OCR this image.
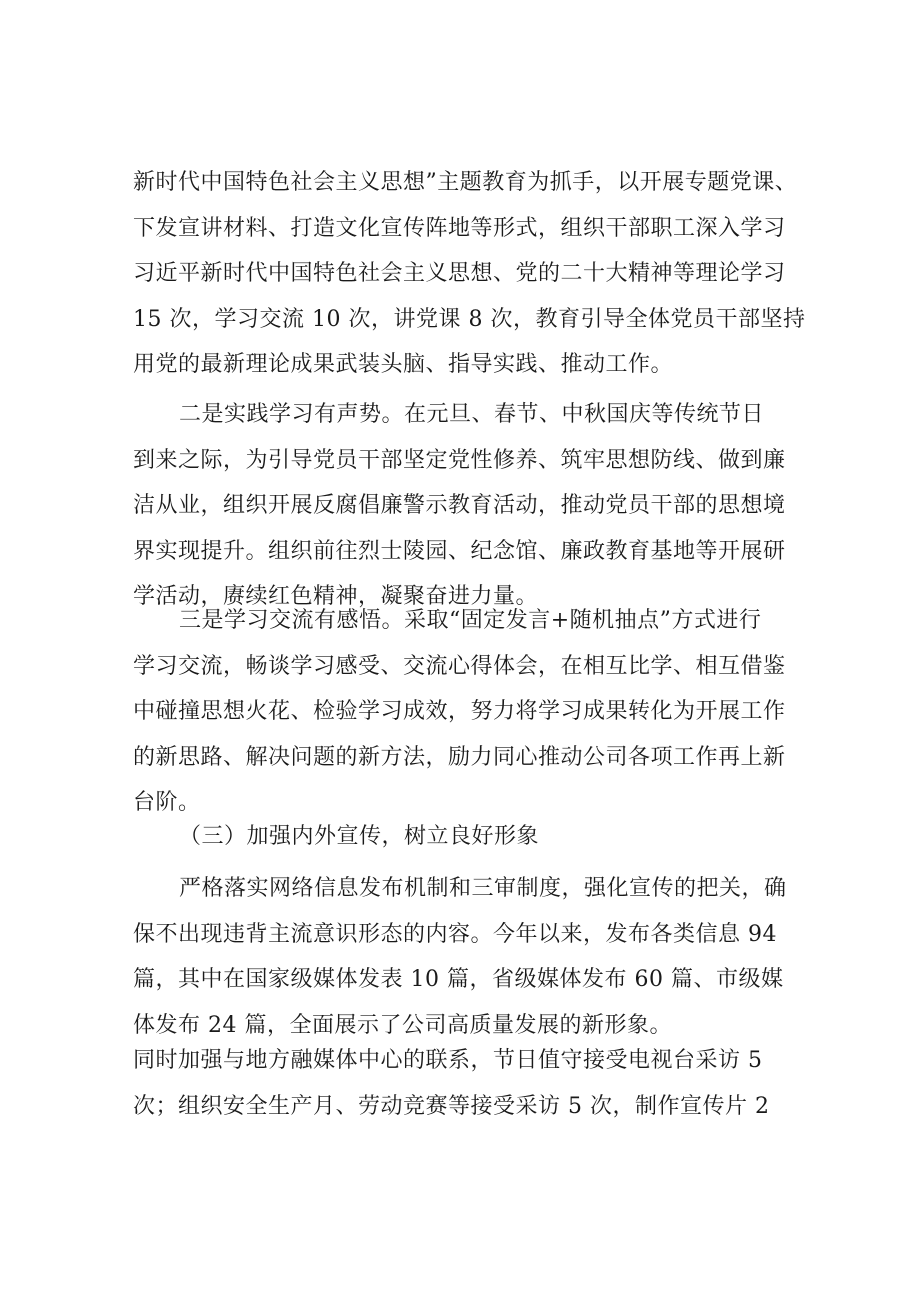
新时代中国特色社会主义思想”主题教育为抓手，以开展专题党课、
下发宣讲材料、打造文化宣传阵地等形式，组织干部职工深入学习
习近平新时代中国特色社会主义思想、党的二十大精神等理论学习
15 次，学习交流 10 次，讲党课 8 次，教育引导全体党员干部坚持
用党的最新理论成果武装头脑、指导实践、推动工作。
二是实践学习有声势。在元旦、春节、中秋国庆等传统节日
到来之际，为引导党员干部坚定党性修养、筑牢思想防线、做到廉
洁从业，组织开展反腐倡廉警示教育活动，推动党员干部的思想境
界实现提升。组织前往烈士陵园、纪念馆、廉政教育基地等开展研
学活动，赓续红色精神，凝聚奋进力量。
三是学习交流有感悟。采取“固定发言+随机抽点”方式进行
学习交流，畅谈学习感受、交流心得体会，在相互比学、相互借鉴
中碰撞思想火花、检验学习成效，努力将学习成果转化为开展工作
的新思路、解决问题的新方法，励力同心推动公司各项工作再上新
台阶。
（三）加强内外宣传，树立良好形象
严格落实网络信息发布机制和三审制度，强化宣传的把关，确
保不出现违背主流意识形态的内容。今年以来，发布各类信息 94
篇，其中在国家级媒体发表 10 篇，省级媒体发布 60 篇、市级媒
体发布 24 篇，全面展示了公司高质量发展的新形象。
同时加强与地方融媒体中心的联系，节日值守接受电视台采访 5
次；组织安全生产月、劳动竞赛等接受采访 5 次，制作宣传片 2
